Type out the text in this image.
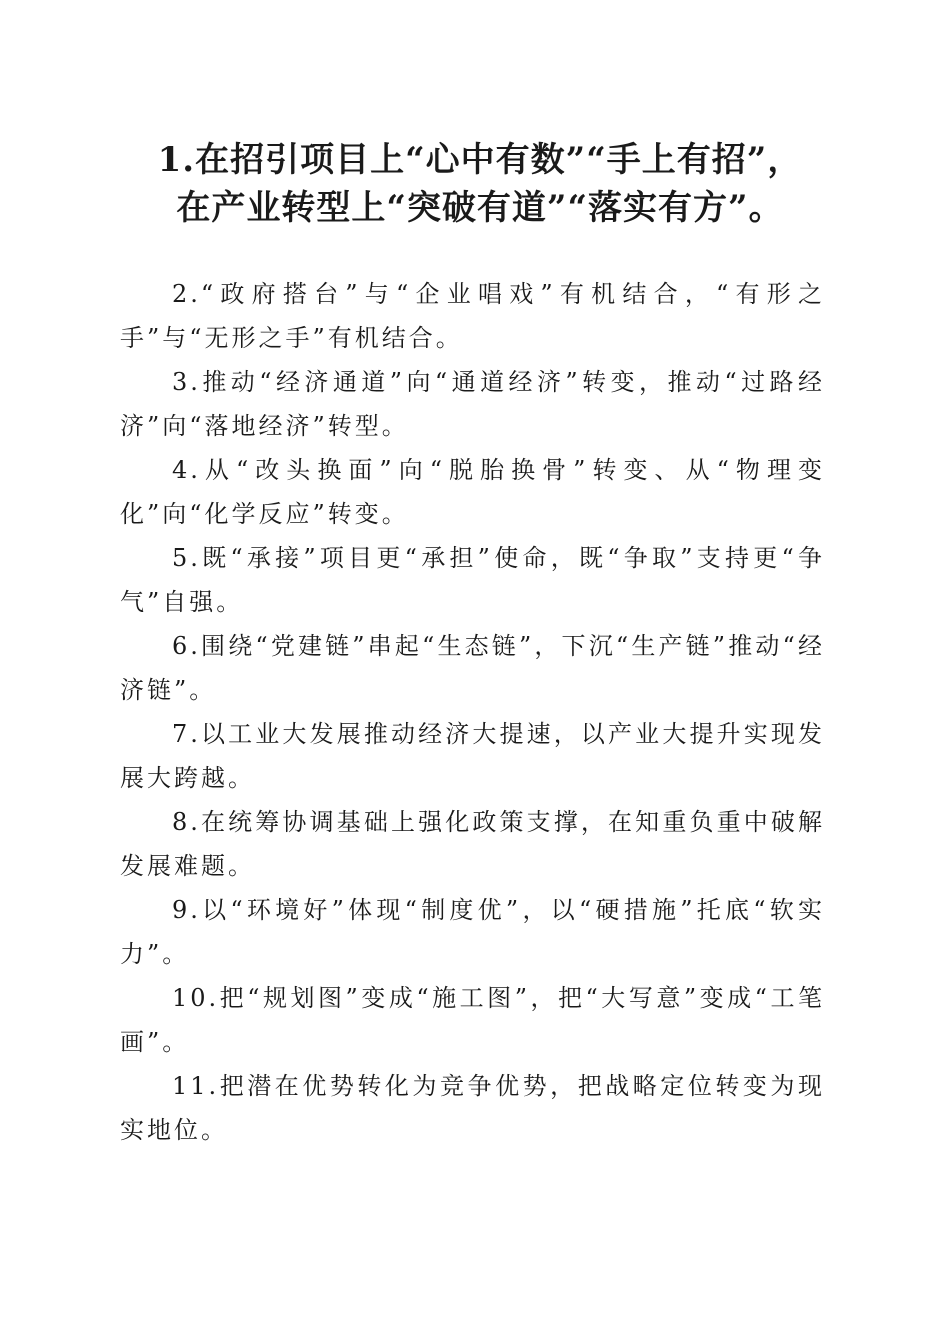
1.在招引项目上“心中有数”“手上有招”，
在产业转型上“突破有道”“落实有方”。

2.“政府搭台”与“企业唱戏”有机结合，“有形之手”与“无形之手”有机结合。

3.推动“经济通道”向“通道经济”转变，推动“过路经济”向“落地经济”转型。

4.从“改头换面”向“脱胎换骨”转变、从“物理变化”向“化学反应”转变。

5.既“承接”项目更“承担”使命，既“争取”支持更“争气”自强。

6.围绕“党建链”串起“生态链”，下沉“生产链”推动“经济链”。

7.以工业大发展推动经济大提速，以产业大提升实现发展大跨越。

8.在统筹协调基础上强化政策支撑，在知重负重中破解发展难题。

9.以“环境好”体现“制度优”，以“硬措施”托底“软实力”。

10.把“规划图”变成“施工图”，把“大写意”变成“工笔画”。

11.把潜在优势转化为竞争优势，把战略定位转变为现实地位。
